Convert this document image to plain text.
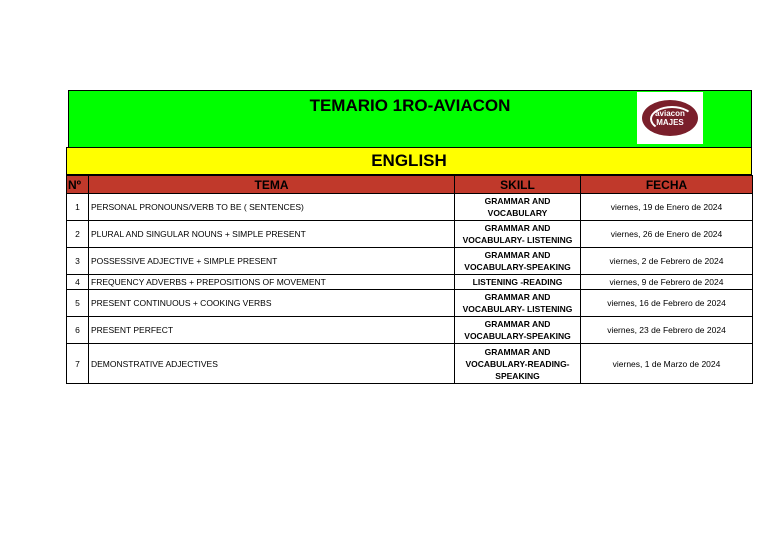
TEMARIO 1RO-AVIACON	aviacon
MAJES
ENGLISH
Nº	TEMA	SKILL	FECHA
1	PERSONAL PRONOUNS/VERB TO BE ( SENTENCES)	GRAMMAR AND VOCABULARY	viernes, 19 de Enero de 2024
2	PLURAL AND SINGULAR NOUNS + SIMPLE PRESENT	GRAMMAR AND VOCABULARY- LISTENING	viernes, 26 de Enero de 2024
3	POSSESSIVE ADJECTIVE + SIMPLE PRESENT	GRAMMAR AND VOCABULARY-SPEAKING	viernes, 2 de Febrero de 2024
4	FREQUENCY ADVERBS + PREPOSITIONS OF MOVEMENT	LISTENING -READING	viernes, 9 de Febrero de 2024
5	PRESENT CONTINUOUS + COOKING VERBS	GRAMMAR AND VOCABULARY- LISTENING	viernes, 16 de Febrero de 2024
6	PRESENT PERFECT	GRAMMAR AND VOCABULARY-SPEAKING	viernes, 23 de Febrero de 2024
7	DEMONSTRATIVE ADJECTIVES	GRAMMAR AND VOCABULARY-READING-SPEAKING	viernes, 1 de Marzo de 2024
